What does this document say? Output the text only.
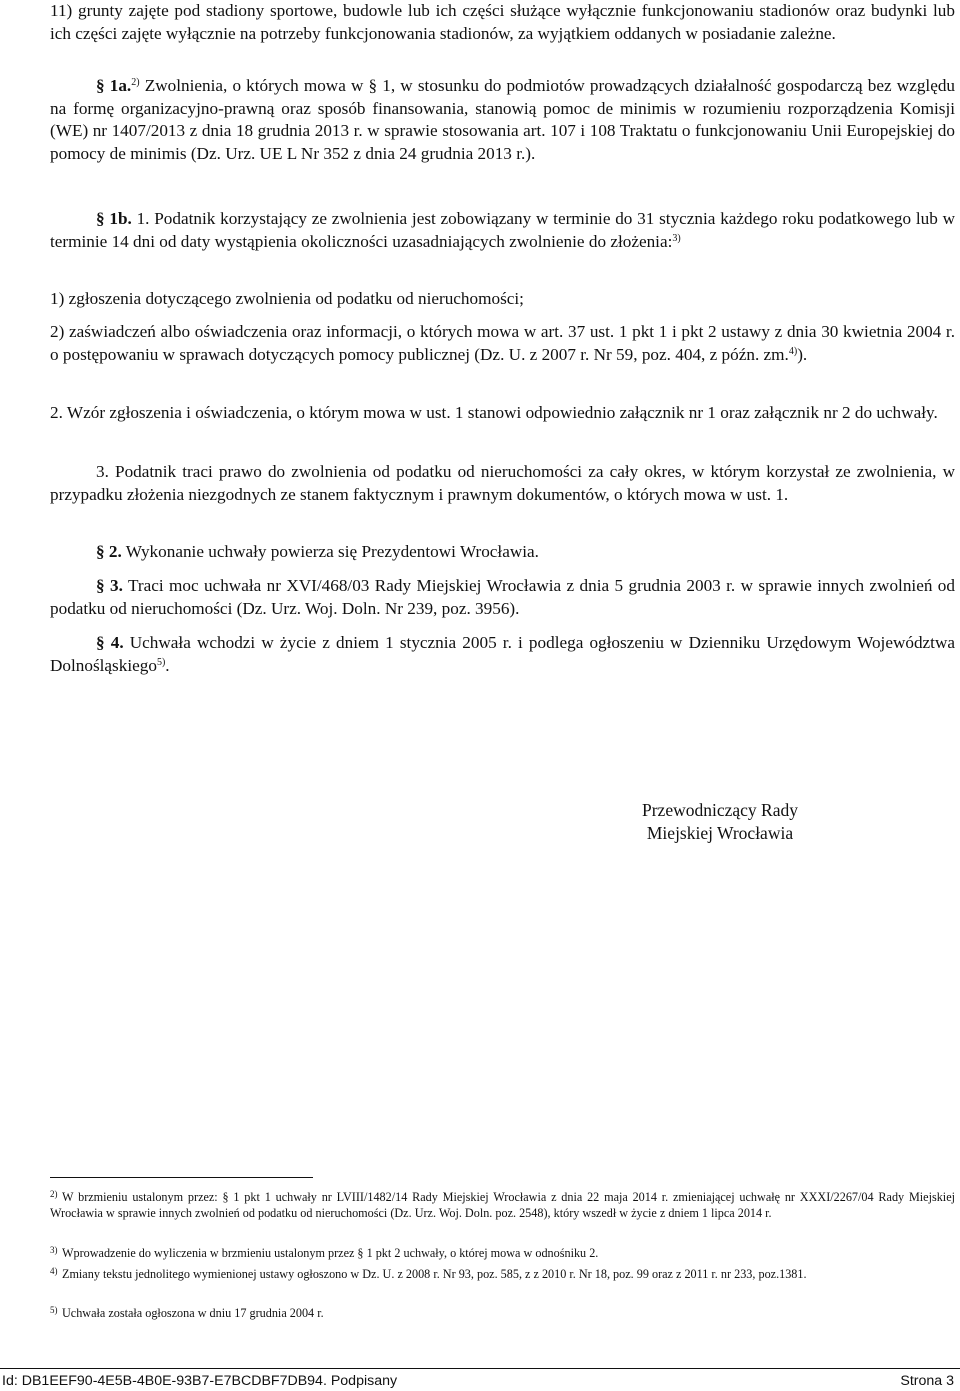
11) grunty zajęte pod stadiony sportowe, budowle lub ich części służące wyłącznie funkcjonowaniu stadionów oraz budynki lub ich części zajęte wyłącznie na potrzeby funkcjonowania stadionów, za wyjątkiem oddanych w posiadanie zależne.

§ 1a.$^{2)}$ Zwolnienia, o których mowa w § 1, w stosunku do podmiotów prowadzących działalność gospodarczą bez względu na formę organizacyjno-prawną oraz sposób finansowania, stanowią pomoc de minimis w rozumieniu rozporządzenia Komisji (WE) nr 1407/2013 z dnia 18 grudnia 2013 r. w sprawie stosowania art. 107 i 108 Traktatu o funkcjonowaniu Unii Europejskiej do pomocy de minimis (Dz. Urz. UE L Nr 352 z dnia 24 grudnia 2013 r.).

§ 1b. 1. Podatnik korzystający ze zwolnienia jest zobowiązany w terminie do 31 stycznia każdego roku podatkowego lub w terminie 14 dni od daty wystąpienia okoliczności uzasadniających zwolnienie do złożenia:$^{3)}$

1) zgłoszenia dotyczącego zwolnienia od podatku od nieruchomości;

2) zaświadczeń albo oświadczenia oraz informacji, o których mowa w art. 37 ust. 1 pkt 1 i pkt 2 ustawy z dnia 30 kwietnia 2004 r. o postępowaniu w sprawach dotyczących pomocy publicznej (Dz. U. z 2007 r. Nr 59, poz. 404, z późn. zm.$^{4)}$).

2. Wzór zgłoszenia i oświadczenia, o którym mowa w ust. 1 stanowi odpowiednio załącznik nr 1 oraz załącznik nr 2 do uchwały.

3. Podatnik traci prawo do zwolnienia od podatku od nieruchomości za cały okres, w którym korzystał ze zwolnienia, w przypadku złożenia niezgodnych ze stanem faktycznym i prawnym dokumentów, o których mowa w ust. 1.

§ 2. Wykonanie uchwały powierza się Prezydentowi Wrocławia.

§ 3. Traci moc uchwała nr XVI/468/03 Rady Miejskiej Wrocławia z dnia 5 grudnia 2003 r. w sprawie innych zwolnień od podatku od nieruchomości (Dz. Urz. Woj. Doln. Nr 239, poz. 3956).

§ 4. Uchwała wchodzi w życie z dniem 1 stycznia 2005 r. i podlega ogłoszeniu w Dzienniku Urzędowym Województwa Dolnośląskiego$^{5)}$.

Przewodniczący Rady
Miejskiej Wrocławia

2) W brzmieniu ustalonym przez: § 1 pkt 1 uchwały nr LVIII/1482/14 Rady Miejskiej Wrocławia z dnia 22 maja 2014 r. zmieniającej uchwałę nr XXXI/2267/04 Rady Miejskiej Wrocławia w sprawie innych zwolnień od podatku od nieruchomości (Dz. Urz. Woj. Doln. poz. 2548), który wszedł w życie z dniem 1 lipca 2014 r.

3) Wprowadzenie do wyliczenia w brzmieniu ustalonym przez § 1 pkt 2 uchwały, o której mowa w odnośniku 2.

4) Zmiany tekstu jednolitego wymienionej ustawy ogłoszono w Dz. U. z 2008 r. Nr 93, poz. 585, z z 2010 r. Nr 18, poz. 99 oraz z 2011 r. nr 233, poz.1381.

5) Uchwała została ogłoszona w dniu 17 grudnia 2004 r.

Id: DB1EEF90-4E5B-4B0E-93B7-E7BCDBF7DB94. Podpisany	Strona 3
